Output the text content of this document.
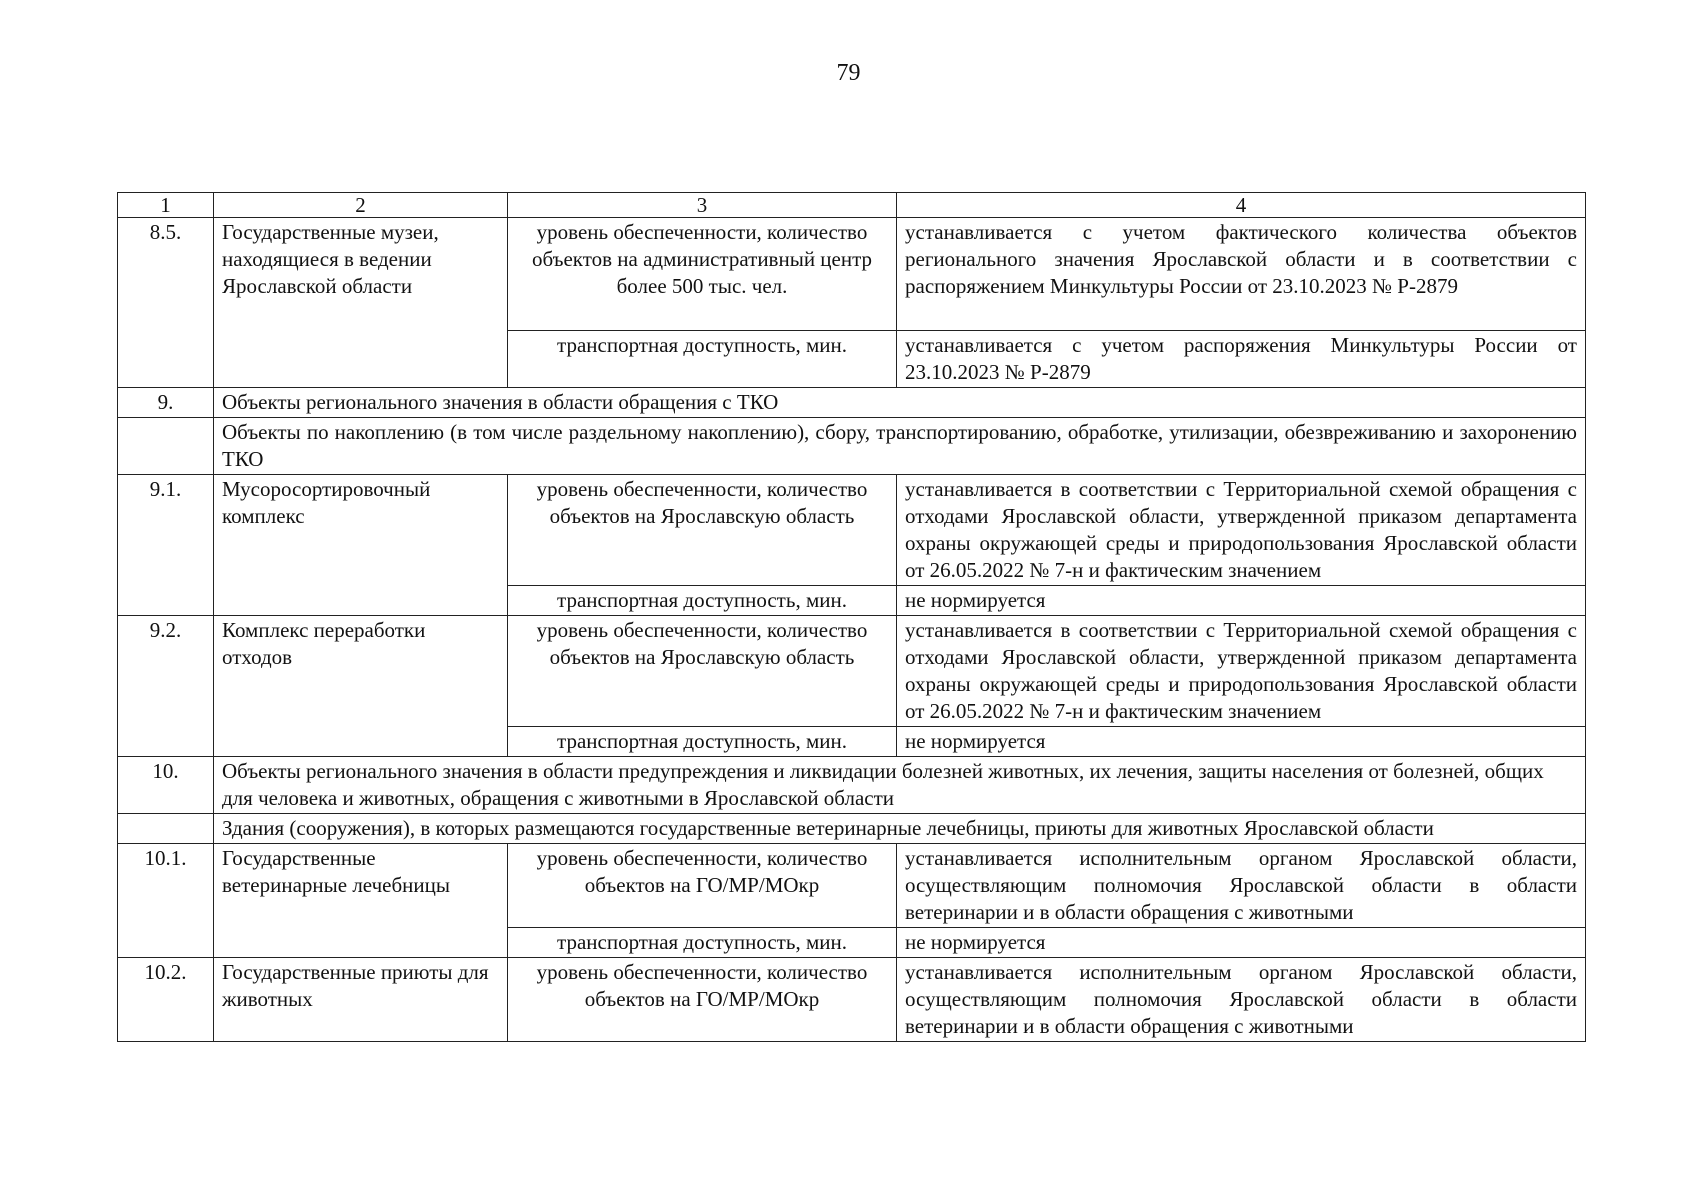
79
1	2	3	4
8.5.	Государственные музеи, находящиеся в ведении Ярославской области	уровень обеспеченности, количество объектов на административный центр более 500 тыс. чел.	устанавливается с учетом фактического количества объектов регионального значения Ярославской области и в соответствии с распоряжением Минкультуры России от 23.10.2023 № Р-2879
		транспортная доступность, мин.	устанавливается с учетом распоряжения Минкультуры России от 23.10.2023 № Р-2879
9.	Объекты регионального значения в области обращения с ТКО		
	Объекты по накоплению (в том числе раздельному накоплению), сбору, транспортированию, обработке, утилизации, обезвреживанию и захоронению ТКО		
9.1.	Мусоросортировочный комплекс	уровень обеспеченности, количество объектов на Ярославскую область	устанавливается в соответствии с Территориальной схемой обращения с отходами Ярославской области, утвержденной приказом департамента охраны окружающей среды и природопользования Ярославской области от 26.05.2022 № 7-н и фактическим значением
		транспортная доступность, мин.	не нормируется
9.2.	Комплекс переработки отходов	уровень обеспеченности, количество объектов на Ярославскую область	устанавливается в соответствии с Территориальной схемой обращения с отходами Ярославской области, утвержденной приказом департамента охраны окружающей среды и природопользования Ярославской области от 26.05.2022 № 7-н и фактическим значением
		транспортная доступность, мин.	не нормируется
10.	Объекты регионального значения в области предупреждения и ликвидации болезней животных, их лечения, защиты населения от болезней, общих для человека и животных, обращения с животными в Ярославской области		
	Здания (сооружения), в которых размещаются государственные ветеринарные лечебницы, приюты для животных Ярославской области		
10.1.	Государственные ветеринарные лечебницы	уровень обеспеченности, количество объектов на ГО/МР/МОкр	устанавливается исполнительным органом Ярославской области, осуществляющим полномочия Ярославской области в области ветеринарии и в области обращения с животными
		транспортная доступность, мин.	не нормируется
10.2.	Государственные приюты для животных	уровень обеспеченности, количество объектов на ГО/МР/МОкр	устанавливается исполнительным органом Ярославской области, осуществляющим полномочия Ярославской области в области ветеринарии и в области обращения с животными
